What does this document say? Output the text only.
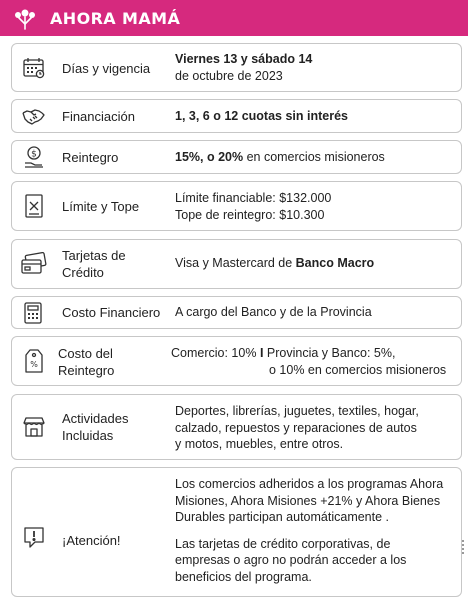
AHORA MAMÁ
Días y vigencia
Viernes 13 y sábado 14
de octubre de 2023
Financiación	1, 3, 6 o 12 cuotas sin interés
$ Reintegro	15%, o 20% en comercios misioneros
Límite y Tope
Límite financiable: $132.000
Tope de reintegro: $10.300
Tarjetas de
Crédito
Visa y Mastercard de Banco Macro
Costo Financiero A cargo del Banco y de la Provincia
%
Costo del
Reintegro
Comercio: 10% I Provincia y Banco: 5%,
o 10% en comercios misioneros
Actividades
Incluidas
Deportes, librerías, juguetes, textiles, hogar,
calzado, repuestos y reparaciones de autos
y motos, muebles, entre otros.
¡Atención!
Los comercios adheridos a los programas Ahora
Misiones, Ahora Misiones +21% y Ahora Bienes
Durables participan automáticamente .

Las tarjetas de crédito corporativas, de
empresas o agro no podrán acceder a los
beneficios del programa.
